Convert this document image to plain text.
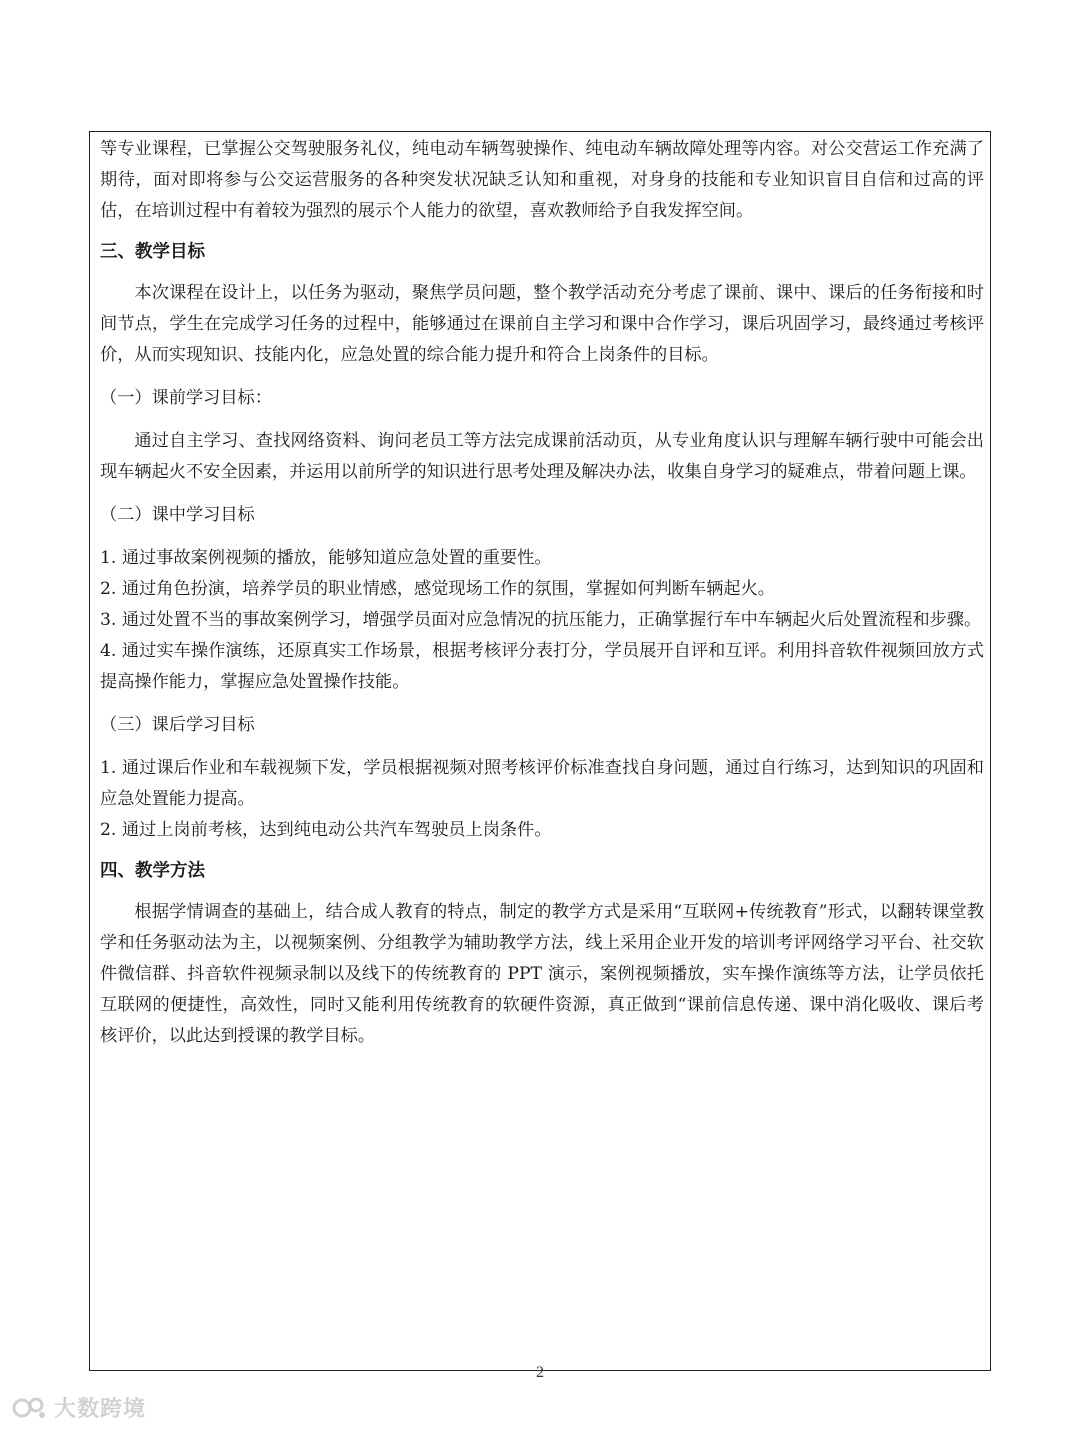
等专业课程，已掌握公交驾驶服务礼仪，纯电动车辆驾驶操作、纯电动车辆故障处理等内容。对公交营运工作充满了期待，面对即将参与公交运营服务的各种突发状况缺乏认知和重视，对身身的技能和专业知识盲目自信和过高的评估，在培训过程中有着较为强烈的展示个人能力的欲望，喜欢教师给予自我发挥空间。

三、教学目标

本次课程在设计上，以任务为驱动，聚焦学员问题，整个教学活动充分考虑了课前、课中、课后的任务衔接和时间节点，学生在完成学习任务的过程中，能够通过在课前自主学习和课中合作学习，课后巩固学习，最终通过考核评价，从而实现知识、技能内化，应急处置的综合能力提升和符合上岗条件的目标。

（一）课前学习目标：

通过自主学习、查找网络资料、询问老员工等方法完成课前活动页，从专业角度认识与理解车辆行驶中可能会出现车辆起火不安全因素，并运用以前所学的知识进行思考处理及解决办法，收集自身学习的疑难点，带着问题上课。

（二）课中学习目标

1. 通过事故案例视频的播放，能够知道应急处置的重要性。

2. 通过角色扮演，培养学员的职业情感，感觉现场工作的氛围，掌握如何判断车辆起火。

3. 通过处置不当的事故案例学习，增强学员面对应急情况的抗压能力，正确掌握行车中车辆起火后处置流程和步骤。

4. 通过实车操作演练，还原真实工作场景，根据考核评分表打分，学员展开自评和互评。利用抖音软件视频回放方式提高操作能力，掌握应急处置操作技能。

（三）课后学习目标

1. 通过课后作业和车载视频下发，学员根据视频对照考核评价标准查找自身问题，通过自行练习，达到知识的巩固和应急处置能力提高。

2. 通过上岗前考核，达到纯电动公共汽车驾驶员上岗条件。

四、教学方法

根据学情调查的基础上，结合成人教育的特点，制定的教学方式是采用“互联网+传统教育”形式，以翻转课堂教学和任务驱动法为主，以视频案例、分组教学为辅助教学方法，线上采用企业开发的培训考评网络学习平台、社交软件微信群、抖音软件视频录制以及线下的传统教育的 PPT 演示，案例视频播放，实车操作演练等方法，让学员依托互联网的便捷性，高效性，同时又能利用传统教育的软硬件资源，真正做到“课前信息传递、课中消化吸收、课后考核评价，以此达到授课的教学目标。

2
大数跨境
